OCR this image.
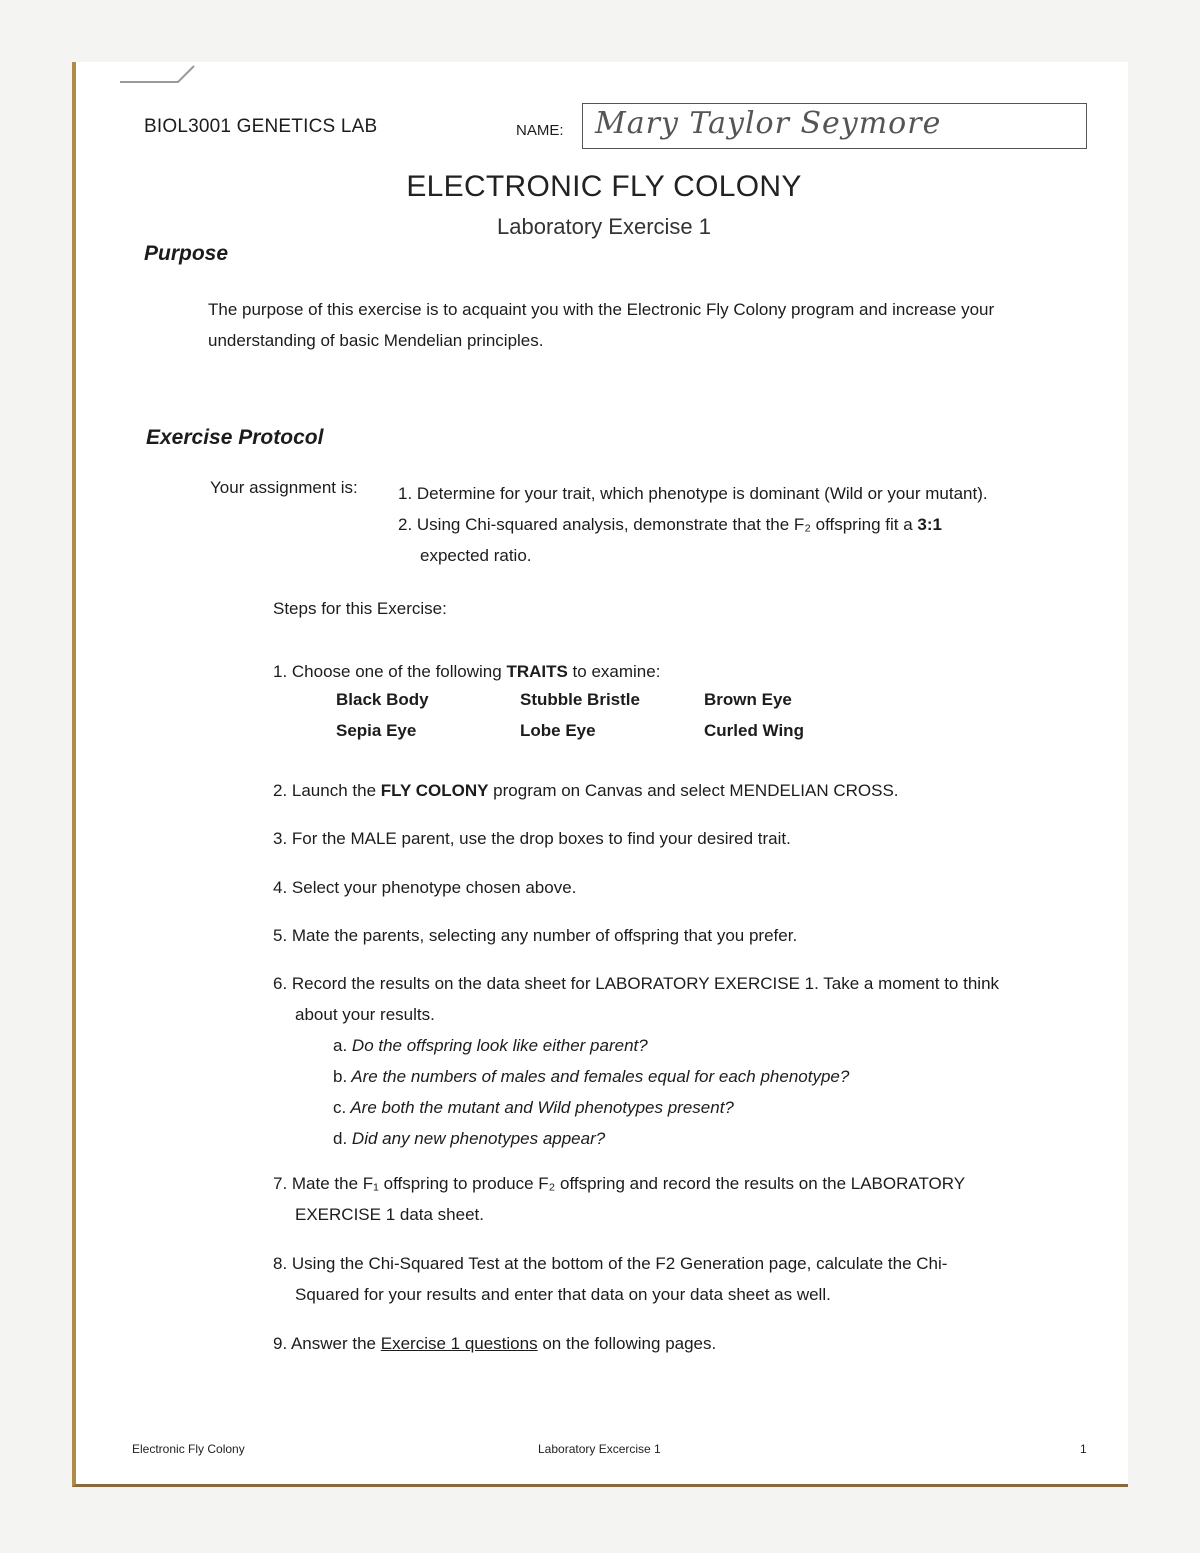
BIOL3001 GENETICS LAB	NAME: Mary Taylor Seymore
ELECTRONIC FLY COLONY
Laboratory Exercise 1
Purpose
The purpose of this exercise is to acquaint you with the Electronic Fly Colony program and increase your understanding of basic Mendelian principles.
Exercise Protocol
Your assignment is: 1. Determine for your trait, which phenotype is dominant (Wild or your mutant).
2. Using Chi-squared analysis, demonstrate that the F₂ offspring fit a 3:1
expected ratio.
Steps for this Exercise:
1. Choose one of the following TRAITS to examine:
Black Body	Stubble Bristle	Brown Eye
Sepia Eye	Lobe Eye	Curled Wing
2. Launch the FLY COLONY program on Canvas and select MENDELIAN CROSS.
3. For the MALE parent, use the drop boxes to find your desired trait.
4. Select your phenotype chosen above.
5. Mate the parents, selecting any number of offspring that you prefer.
6. Record the results on the data sheet for LABORATORY EXERCISE 1. Take a moment to think
about your results.
a. Do the offspring look like either parent?
b. Are the numbers of males and females equal for each phenotype?
c. Are both the mutant and Wild phenotypes present?
d. Did any new phenotypes appear?
7. Mate the F₁ offspring to produce F₂ offspring and record the results on the LABORATORY
EXERCISE 1 data sheet.
8. Using the Chi-Squared Test at the bottom of the F2 Generation page, calculate the Chi-
Squared for your results and enter that data on your data sheet as well.
9. Answer the Exercise 1 questions on the following pages.
Electronic Fly Colony	Laboratory Excercise 1	1
